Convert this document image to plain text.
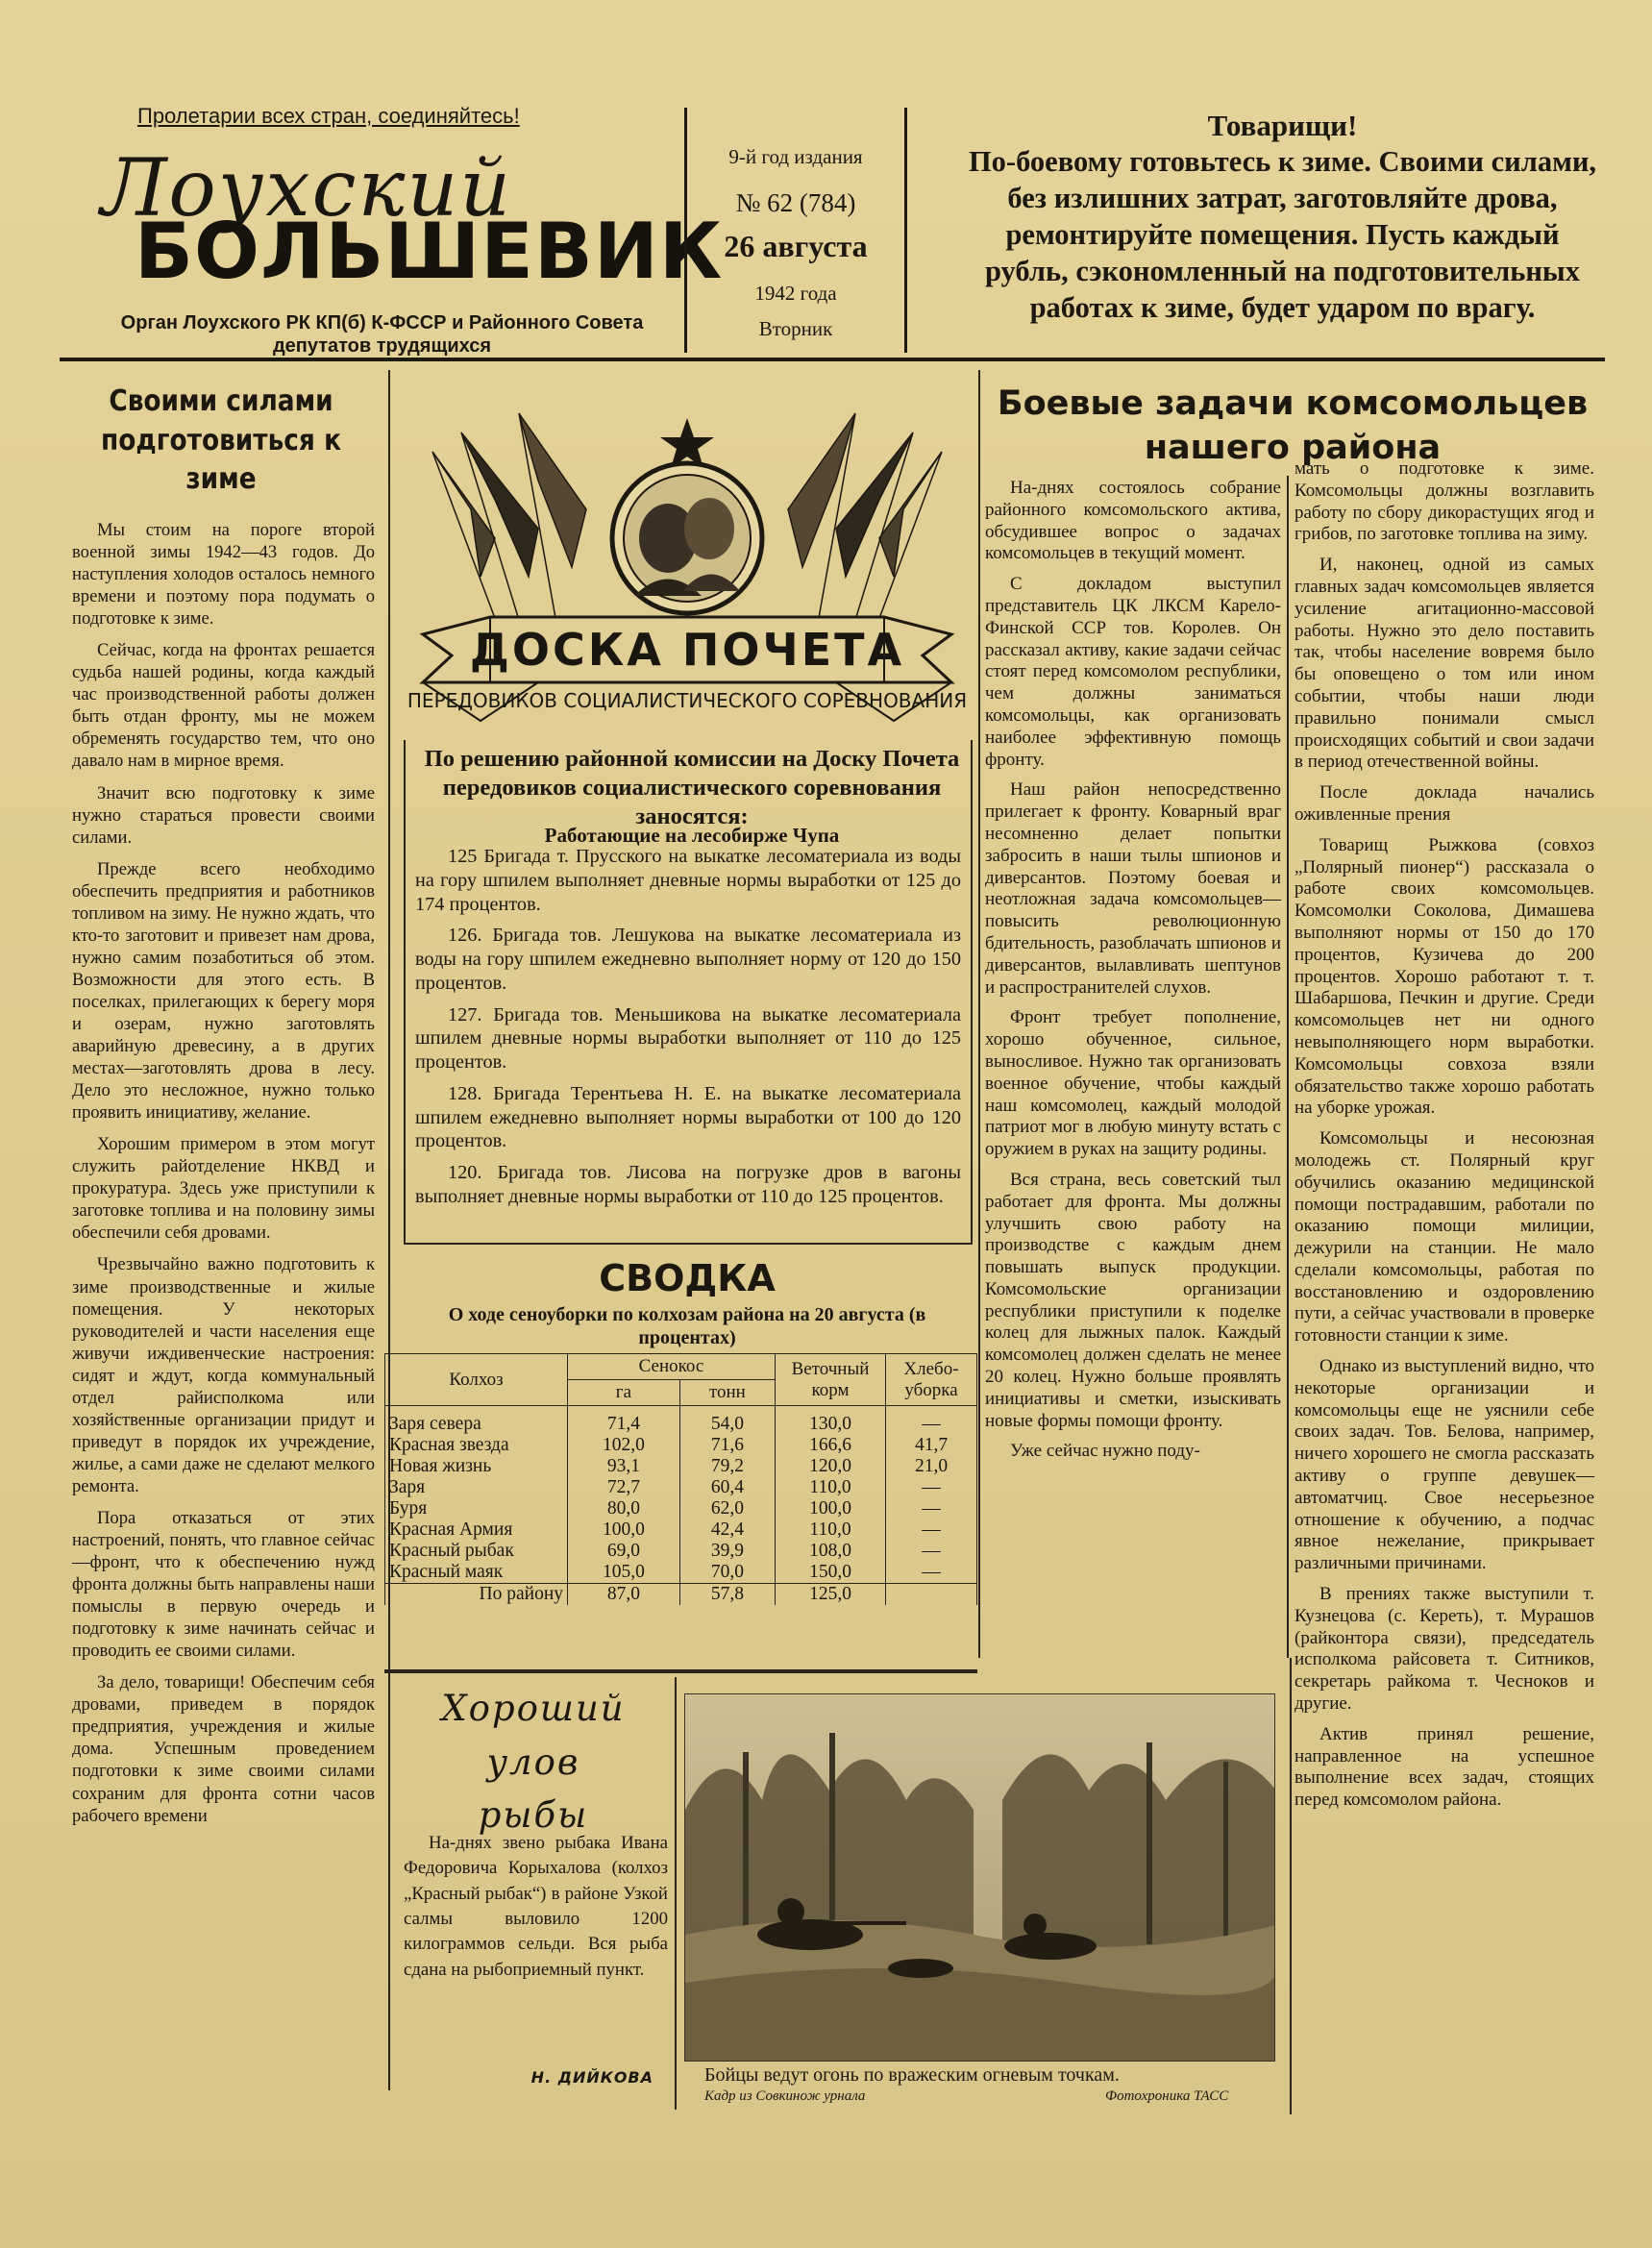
Пролетарии всех стран, соединяйтесь!
Лоухский
БОЛЬШЕВИК
Орган Лоухского РК КП(б) К-ФССР и Районного Совета депутатов трудящихся
9-й год издания
№ 62 (784)
26 августа
1942 года
Вторник
Товарищи!
По-боевому готовьтесь к зиме. Своими силами, без излишних затрат, заготовляйте дрова, ремонтируйте помещения. Пусть каждый рубль, сэкономленный на подготовительных работах к зиме, будет ударом по врагу.
Своими силами подготовиться к зиме

Мы стоим на пороге второй военной зимы 1942—43 годов. До наступления холодов осталось немного времени и поэтому пора подумать о подготовке к зиме.

Сейчас, когда на фронтах решается судьба нашей родины, когда каждый час производственной работы должен быть отдан фронту, мы не можем обременять государство тем, что оно давало нам в мирное время.

Значит всю подготовку к зиме нужно стараться провести своими силами.

Прежде всего необходимо обеспечить предприятия и работников топливом на зиму. Не нужно ждать, что кто-то заготовит и привезет нам дрова, нужно самим позаботиться об этом. Возможности для этого есть. В поселках, прилегающих к берегу моря и озерам, нужно заготовлять аварийную древесину, а в других местах—заготовлять дрова в лесу. Дело это несложное, нужно только проявить инициативу, желание.

Хорошим примером в этом могут служить райотделение НКВД и прокуратура. Здесь уже приступили к заготовке топлива и на половину зимы обеспечили себя дровами.

Чрезвычайно важно подготовить к зиме производственные и жилые помещения. У некоторых руководителей и части населения еще живучи иждивенческие настроения: сидят и ждут, когда коммунальный отдел райисполкома или хозяйственные организации придут и приведут в порядок их учреждение, жилье, а сами даже не сделают мелкого ремонта.

Пора отказаться от этих настроений, понять, что главное сейчас—фронт, что к обеспечению нужд фронта должны быть направлены наши помыслы в первую очередь и подготовку к зиме начинать сейчас и проводить ее своими силами.

За дело, товарищи! Обеспечим себя дровами, приведем в порядок предприятия, учреждения и жилые дома. Успешным проведением подготовки к зиме своими силами сохраним для фронта сотни часов рабочего времени

ДОСКА ПОЧЕТА
ПЕРЕДОВИКОВ СОЦИАЛИСТИЧЕСКОГО СОРЕВНОВАНИЯ
По решению районной комиссии на Доску Почета передовиков социалистического соревнования заносятся:
Работающие на лесобирже Чупа

125 Бригада т. Прусского на выкатке лесоматериала из воды на гору шпилем выполняет дневные нормы выработки от 125 до 174 процентов.

126. Бригада тов. Лешукова на выкатке лесоматериала из воды на гору шпилем ежедневно выполняет норму от 120 до 150 процентов.

127. Бригада тов. Меньшикова на выкатке лесоматериала шпилем дневные нормы выработки выполняет от 110 до 125 процентов.

128. Бригада Терентьева Н. Е. на выкатке лесоматериала шпилем ежедневно выполняет нормы выработки от 100 до 120 процентов.

120. Бригада тов. Лисова на погрузке дров в вагоны выполняет дневные нормы выработки от 110 до 125 процентов.

СВОДКА
О ходе сеноуборки по колхозам района на 20 августа (в процентах)
Колхоз	Сенокос		Веточный корм	Хлебо-уборка
	га	тонн		
Заря севера	71,4	54,0	130,0	—
Красная звезда	102,0	71,6	166,6	41,7
Новая жизнь	93,1	79,2	120,0	21,0
Заря	72,7	60,4	110,0	—
Буря	80,0	62,0	100,0	—
Красная Армия	100,0	42,4	110,0	—
Красный рыбак	69,0	39,9	108,0	—
Красный маяк	105,0	70,0	150,0	—
По району	87,0	57,8	125,0	
Хороший
улов
рыбы

На-днях звено рыбака Ивана Федоровича Корыхалова (колхоз „Красный рыбак“) в районе Узкой салмы выловило 1200 килограммов сельди. Вся рыба сдана на рыбоприемный пункт.

Н. ДИЙКОВА	Бойцы ведут огонь по вражеским огневым точкам.
Кадр из Совкинож урнала	Фотохроника ТАСС
Боевые задачи комсомольцев нашего района

На-днях состоялось собрание районного комсомольского актива, обсудившее вопрос о задачах комсомольцев в текущий момент.

С докладом выступил представитель ЦК ЛКСМ Карело-Финской ССР тов. Королев. Он рассказал активу, какие задачи сейчас стоят перед комсомолом республики, чем должны заниматься комсомольцы, как организовать наиболее эффективную помощь фронту.

Наш район непосредственно прилегает к фронту. Коварный враг несомненно делает попытки забросить в наши тылы шпионов и диверсантов. Поэтому боевая и неотложная задача комсомольцев—повысить революционную бдительность, разоблачать шпионов и диверсантов, вылавливать шептунов и распространителей слухов.

Фронт требует пополнение, хорошо обученное, сильное, выносливое. Нужно так организовать военное обучение, чтобы каждый наш комсомолец, каждый молодой патриот мог в любую минуту встать с оружием в руках на защиту родины.

Вся страна, весь советский тыл работает для фронта. Мы должны улучшить свою работу на производстве с каждым днем повышать выпуск продукции. Комсомольские организации республики приступили к поделке колец для лыжных палок. Каждый комсомолец должен сделать не менее 20 колец. Нужно больше проявлять инициативы и сметки, изыскивать новые формы помощи фронту.

Уже сейчас нужно поду-

мать о подготовке к зиме. Комсомольцы должны возглавить работу по сбору дикорастущих ягод и грибов, по заготовке топлива на зиму.

И, наконец, одной из самых главных задач комсомольцев является усиление агитационно-массовой работы. Нужно это дело поставить так, чтобы население вовремя было бы оповещено о том или ином событии, чтобы наши люди правильно понимали смысл происходящих событий и свои задачи в период отечественной войны.

После доклада начались оживленные прения

Товарищ Рыжкова (совхоз „Полярный пионер“) рассказала о работе своих комсомольцев. Комсомолки Соколова, Димашева выполняют нормы от 150 до 170 процентов, Кузичева до 200 процентов. Хорошо работают т. т. Шабаршова, Печкин и другие. Среди комсомольцев нет ни одного невыполняющего норм выработки. Комсомольцы совхоза взяли обязательство также хорошо работать на уборке урожая.

Комсомольцы и несоюзная молодежь ст. Полярный круг обучились оказанию медицинской помощи пострадавшим, работали по оказанию помощи милиции, дежурили на станции. Не мало сделали комсомольцы, работая по восстановлению и оздоровлению пути, а сейчас участвовали в проверке готовности станции к зиме.

Однако из выступлений видно, что некоторые организации и комсомольцы еще не уяснили себе своих задач. Тов. Белова, например, ничего хорошего не смогла рассказать активу о группе девушек—автоматчиц. Свое несерьезное отношение к обучению, а подчас явное нежелание, прикрывает различными причинами.

В прениях также выступили т. Кузнецова (с. Кереть), т. Мурашов (райконтора связи), председатель исполкома райсовета т. Ситников, секретарь райкома т. Чесноков и другие.

Актив принял решение, направленное на успешное выполнение всех задач, стоящих перед комсомолом района.
